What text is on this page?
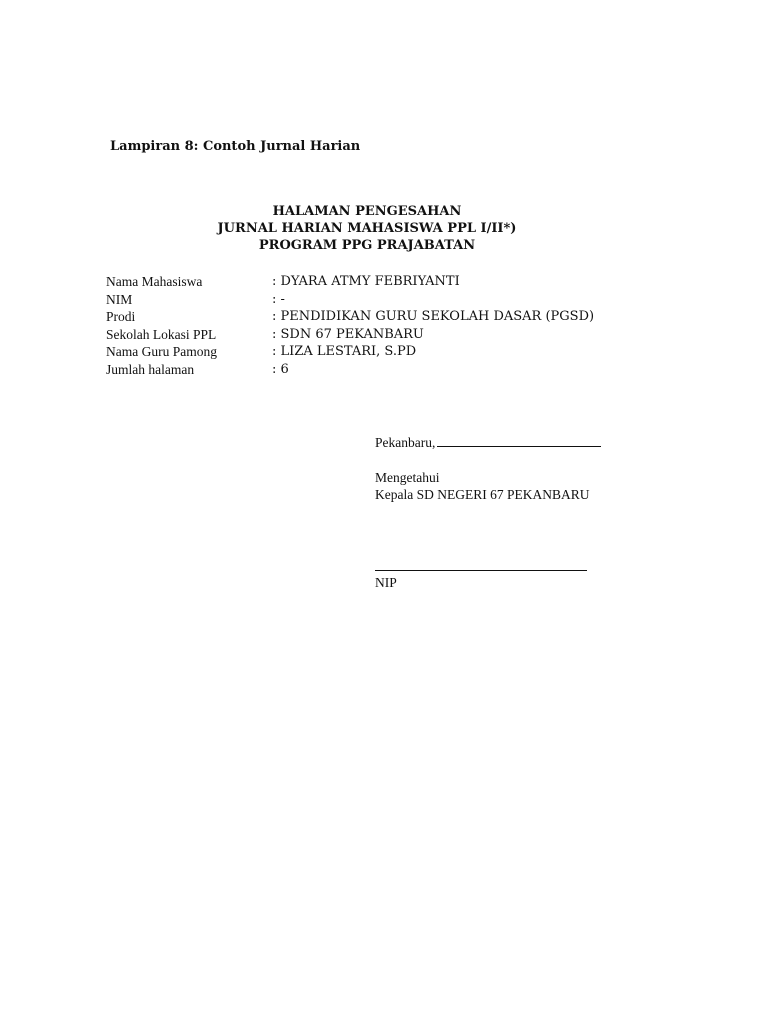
Lampiran 8: Contoh Jurnal Harian
HALAMAN PENGESAHAN
JURNAL HARIAN MAHASISWA PPL I/II*)
PROGRAM PPG PRAJABATAN
Nama Mahasiswa	: DYARA ATMY FEBRIYANTI
NIM	: -
Prodi	: PENDIDIKAN GURU SEKOLAH DASAR (PGSD)
Sekolah Lokasi PPL	: SDN 67 PEKANBARU
Nama Guru Pamong	: LIZA LESTARI, S.PD
Jumlah halaman	: 6
Pekanbaru,
Mengetahui
Kepala SD NEGERI 67 PEKANBARU
NIP
